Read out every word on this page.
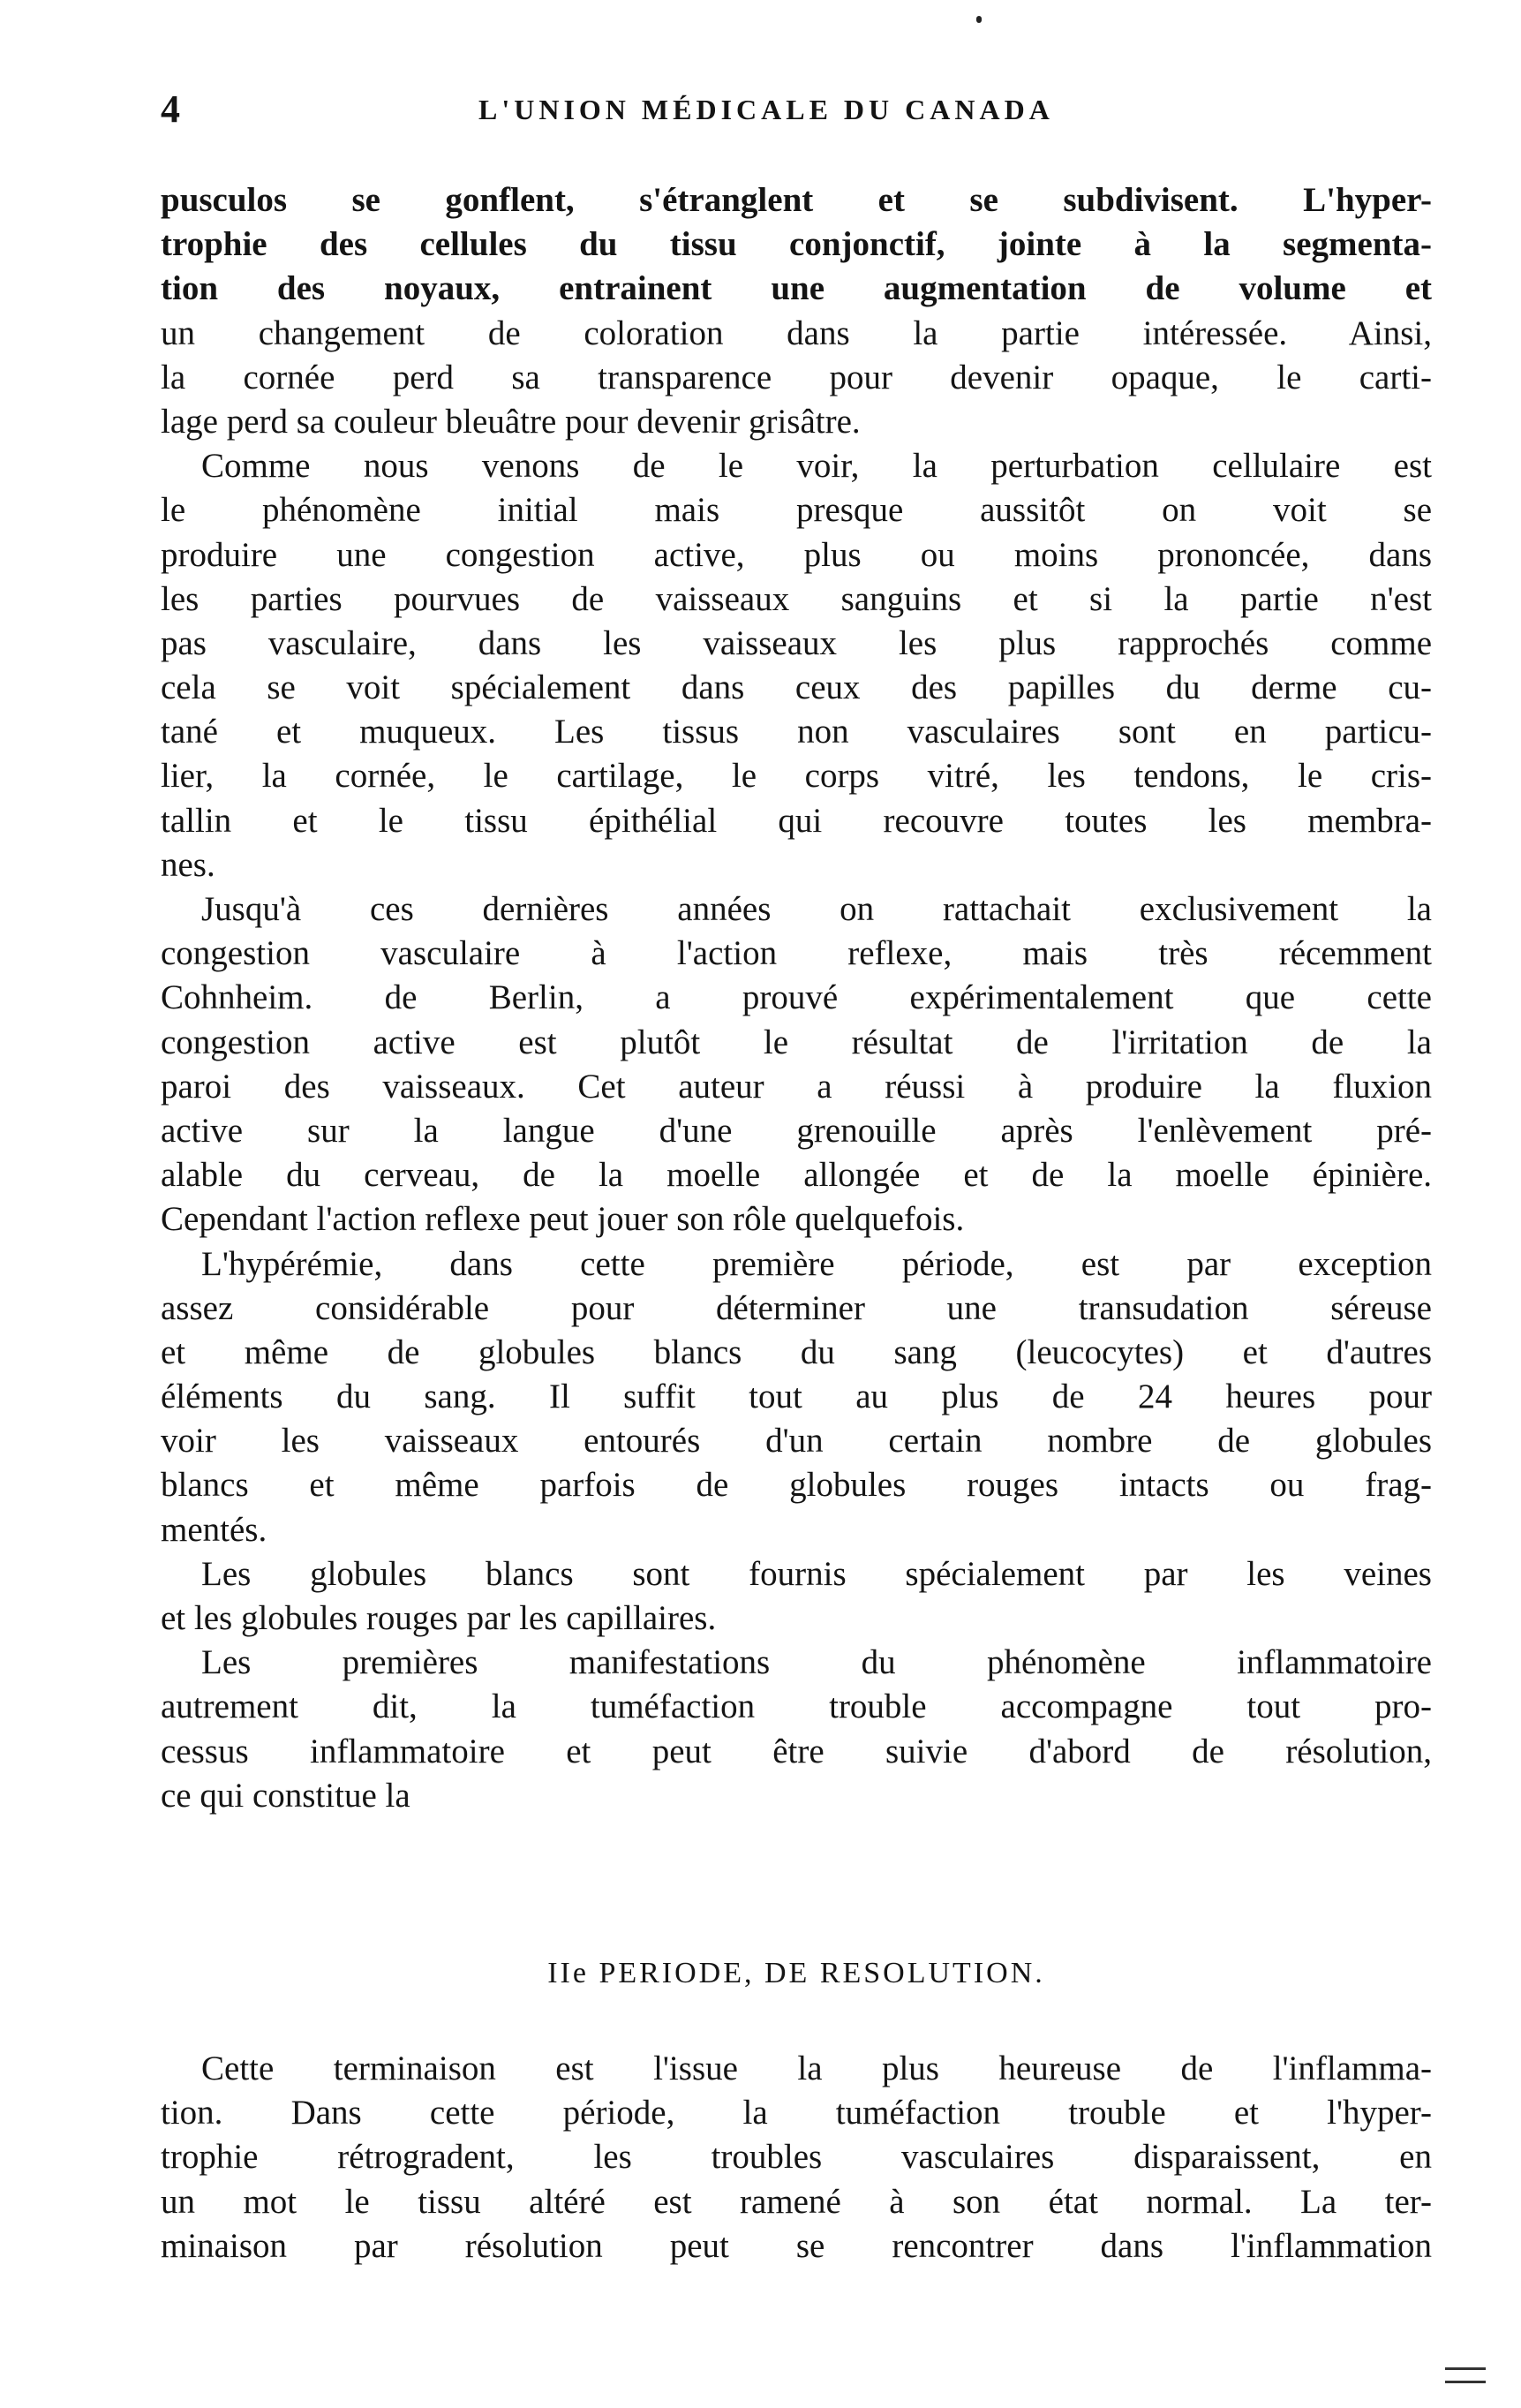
4	L'UNION MÉDICALE DU CANADA
pusculos se gonflent, s'étranglent et se subdivisent. L'hyper-
trophie des cellules du tissu conjonctif, jointe à la segmenta-
tion des noyaux, entrainent une augmentation de volume et
un changement de coloration dans la partie intéressée. Ainsi,
la cornée perd sa transparence pour devenir opaque, le carti-
lage perd sa couleur bleuâtre pour devenir grisâtre.
Comme nous venons de le voir, la perturbation cellulaire est
le phénomène initial mais presque aussitôt on voit se
produire une congestion active, plus ou moins prononcée, dans
les parties pourvues de vaisseaux sanguins et si la partie n'est
pas vasculaire, dans les vaisseaux les plus rapprochés comme
cela se voit spécialement dans ceux des papilles du derme cu-
tané et muqueux. Les tissus non vasculaires sont en particu-
lier, la cornée, le cartilage, le corps vitré, les tendons, le cris-
tallin et le tissu épithélial qui recouvre toutes les membra-
nes.
Jusqu'à ces dernières années on rattachait exclusivement la
congestion vasculaire à l'action reflexe, mais très récemment
Cohnheim. de Berlin, a prouvé expérimentalement que cette
congestion active est plutôt le résultat de l'irritation de la
paroi des vaisseaux. Cet auteur a réussi à produire la fluxion
active sur la langue d'une grenouille après l'enlèvement pré-
alable du cerveau, de la moelle allongée et de la moelle épinière.
Cependant l'action reflexe peut jouer son rôle quelquefois.
L'hypérémie, dans cette première période, est par exception
assez considérable pour déterminer une transudation séreuse
et même de globules blancs du sang (leucocytes) et d'autres
éléments du sang. Il suffit tout au plus de 24 heures pour
voir les vaisseaux entourés d'un certain nombre de globules
blancs et même parfois de globules rouges intacts ou frag-
mentés.
Les globules blancs sont fournis spécialement par les veines
et les globules rouges par les capillaires.
Les premières manifestations du phénomène inflammatoire
autrement dit, la tuméfaction trouble accompagne tout pro-
cessus inflammatoire et peut être suivie d'abord de résolution,
ce qui constitue la
IIe PERIODE, DE RESOLUTION.
Cette terminaison est l'issue la plus heureuse de l'inflamma-
tion. Dans cette période, la tuméfaction trouble et l'hyper-
trophie rétrogradent, les troubles vasculaires disparaissent, en
un mot le tissu altéré est ramené à son état normal. La ter-
minaison par résolution peut se rencontrer dans l'inflammation
